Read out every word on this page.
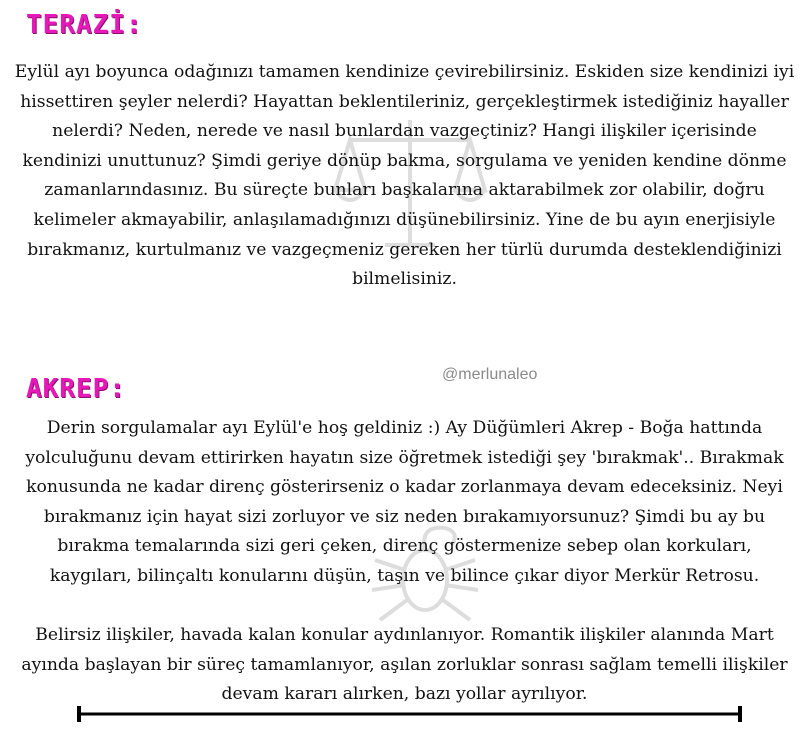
TERAZİ:

Eylül ayı boyunca odağınızı tamamen kendinize çevirebilirsiniz. Eskiden size kendinizi iyi hissettiren şeyler nelerdi? Hayattan beklentileriniz, gerçekleştirmek istediğiniz hayaller nelerdi? Neden, nerede ve nasıl bunlardan vazgeçtiniz? Hangi ilişkiler içerisinde kendinizi unuttunuz? Şimdi geriye dönüp bakma, sorgulama ve yeniden kendine dönme zamanlarındasınız. Bu süreçte bunları başkalarına aktarabilmek zor olabilir, doğru kelimeler akmayabilir, anlaşılamadığınızı düşünebilirsiniz. Yine de bu ayın enerjisiyle bırakmanız, kurtulmanız ve vazgeçmeniz gereken her türlü durumda desteklendiğinizi bilmelisiniz.

@merlunaleo
AKREP:

Derin sorgulamalar ayı Eylül'e hoş geldiniz :) Ay Düğümleri Akrep - Boğa hattında yolculuğunu devam ettirirken hayatın size öğretmek istediği şey 'bırakmak'.. Bırakmak konusunda ne kadar direnç gösterirseniz o kadar zorlanmaya devam edeceksiniz. Neyi bırakmanız için hayat sizi zorluyor ve siz neden bırakamıyorsunuz? Şimdi bu ay bu bırakma temalarında sizi geri çeken, direnç göstermenize sebep olan korkuları, kaygıları, bilinçaltı konularını düşün, taşın ve bilince çıkar diyor Merkür Retrosu.

Belirsiz ilişkiler, havada kalan konular aydınlanıyor. Romantik ilişkiler alanında Mart ayında başlayan bir süreç tamamlanıyor, aşılan zorluklar sonrası sağlam temelli ilişkiler devam kararı alırken, bazı yollar ayrılıyor.
